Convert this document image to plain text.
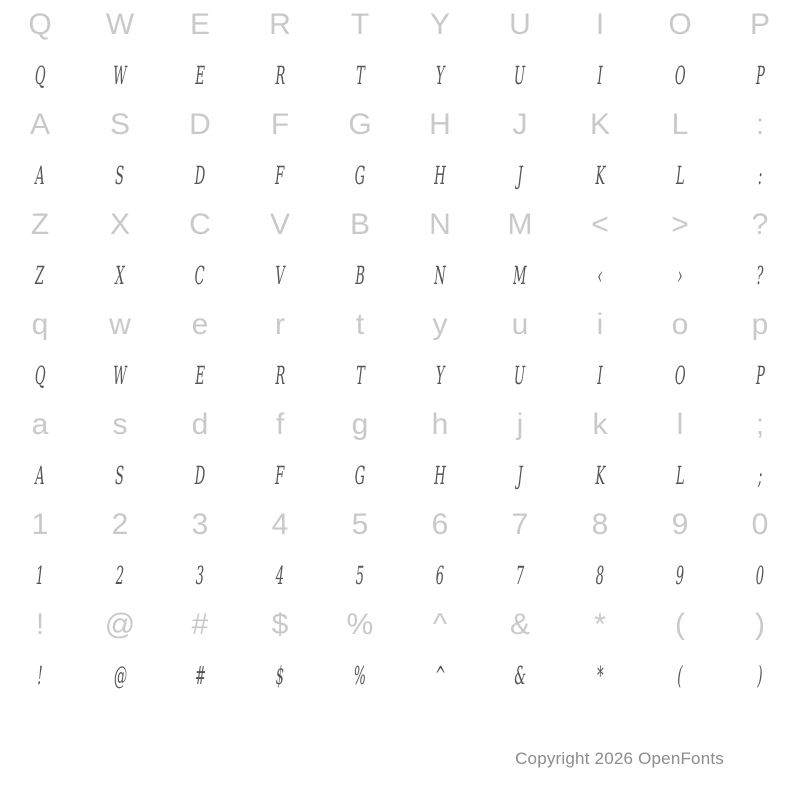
Q W E R T Y U I O P
Q	W	E	R	T	Y	U	I	O	P
A S D F G H J K L :
A	S	D	F	G	H	J	K	L	:
Z X C V B N M < > ?
Z	X	C	V	B	N	M	‹	›	?
q w e r t y u i o p
Q	W	E	R	T	Y	U	I	O	P
a s d f g h j k l ;
A	S	D	F	G	H	J	K	L	;
1 2 3 4 5 6 7 8 9 0
1	2	3	4	5	6	7	8	9	0
! @ # $ % ^ & * ( )
!	@	#	$	%	^	&	*	(	)
Copyright 2026 OpenFonts
